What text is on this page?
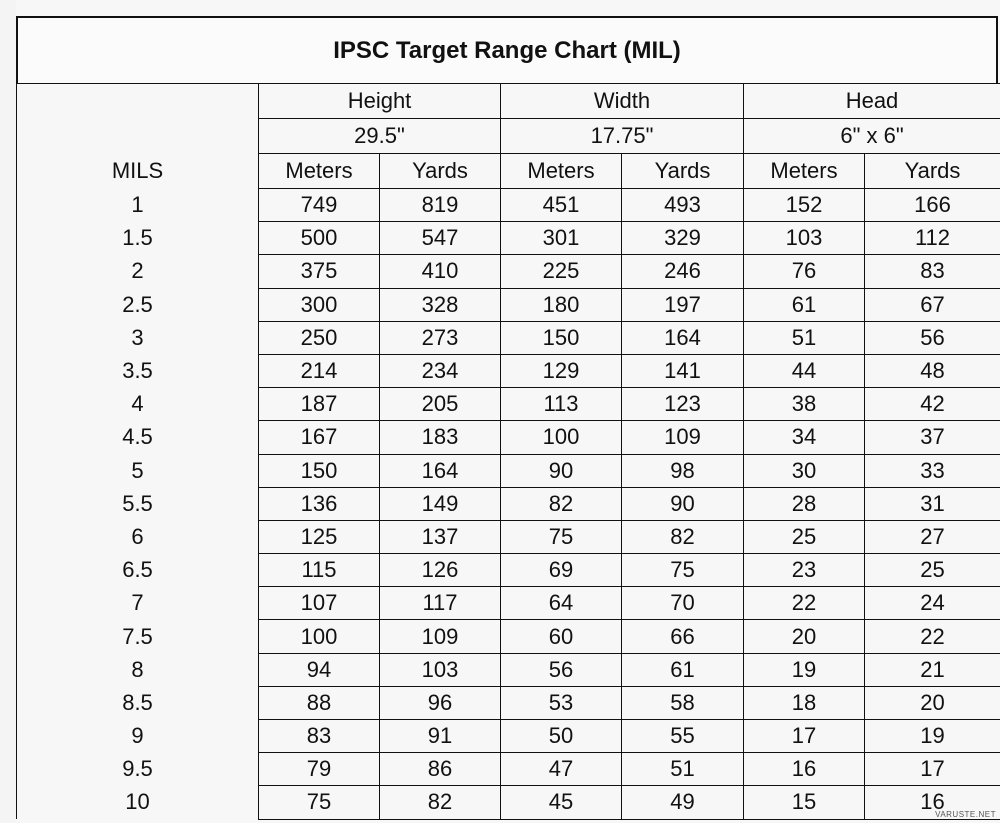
IPSC Target Range Chart (MIL)
	Height		Width		Head	
	29.5"		17.75"		6" x 6"	
MILS	Meters	Yards	Meters	Yards	Meters	Yards
1	749	819	451	493	152	166
1.5	500	547	301	329	103	112
2	375	410	225	246	76	83
2.5	300	328	180	197	61	67
3	250	273	150	164	51	56
3.5	214	234	129	141	44	48
4	187	205	113	123	38	42
4.5	167	183	100	109	34	37
5	150	164	90	98	30	33
5.5	136	149	82	90	28	31
6	125	137	75	82	25	27
6.5	115	126	69	75	23	25
7	107	117	64	70	22	24
7.5	100	109	60	66	20	22
8	94	103	56	61	19	21
8.5	88	96	53	58	18	20
9	83	91	50	55	17	19
9.5	79	86	47	51	16	17
10	75	82	45	49	15	16
VARUSTE.NET
